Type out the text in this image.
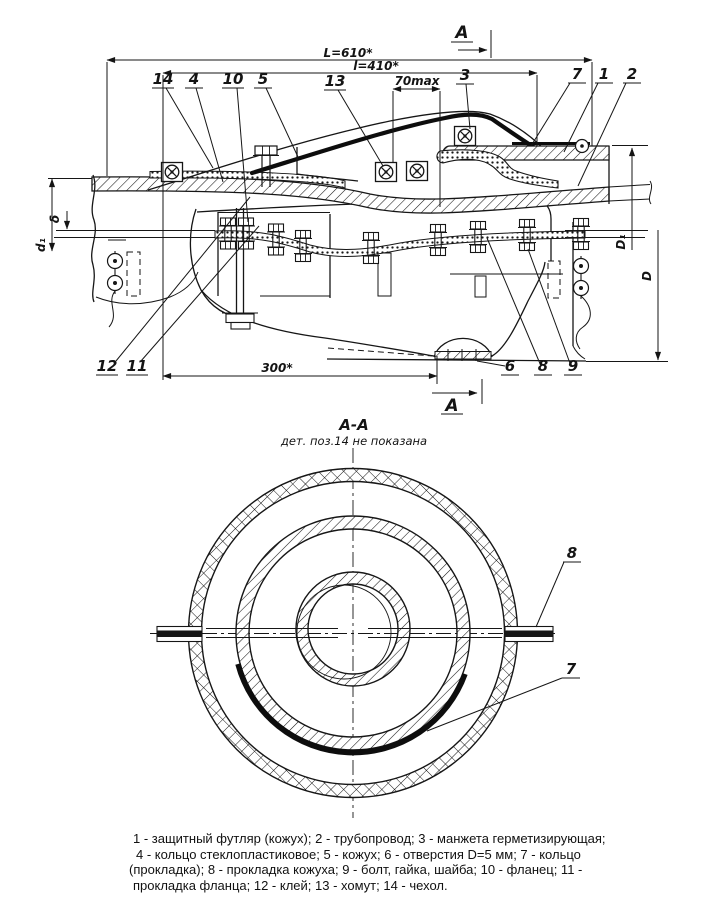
L=610*
l=410*
70max
300*
A
A
δ
d₁	D₁
D
14 4 10 5	13	3	7 1 2
12 11	6 8 9
А-А
дет. поз.14 не показана
8
7
1 - защитный футляр (кожух); 2 - трубопровод; 3 - манжета герметизирующая;
4 - кольцо стеклопластиковое; 5 - кожух; 6 - отверстия D=5 мм; 7 - кольцо
(прокладка); 8 - прокладка кожуха; 9 - болт, гайка, шайба; 10 - фланец; 11 -
прокладка фланца; 12 - клей; 13 - хомут; 14 - чехол.
